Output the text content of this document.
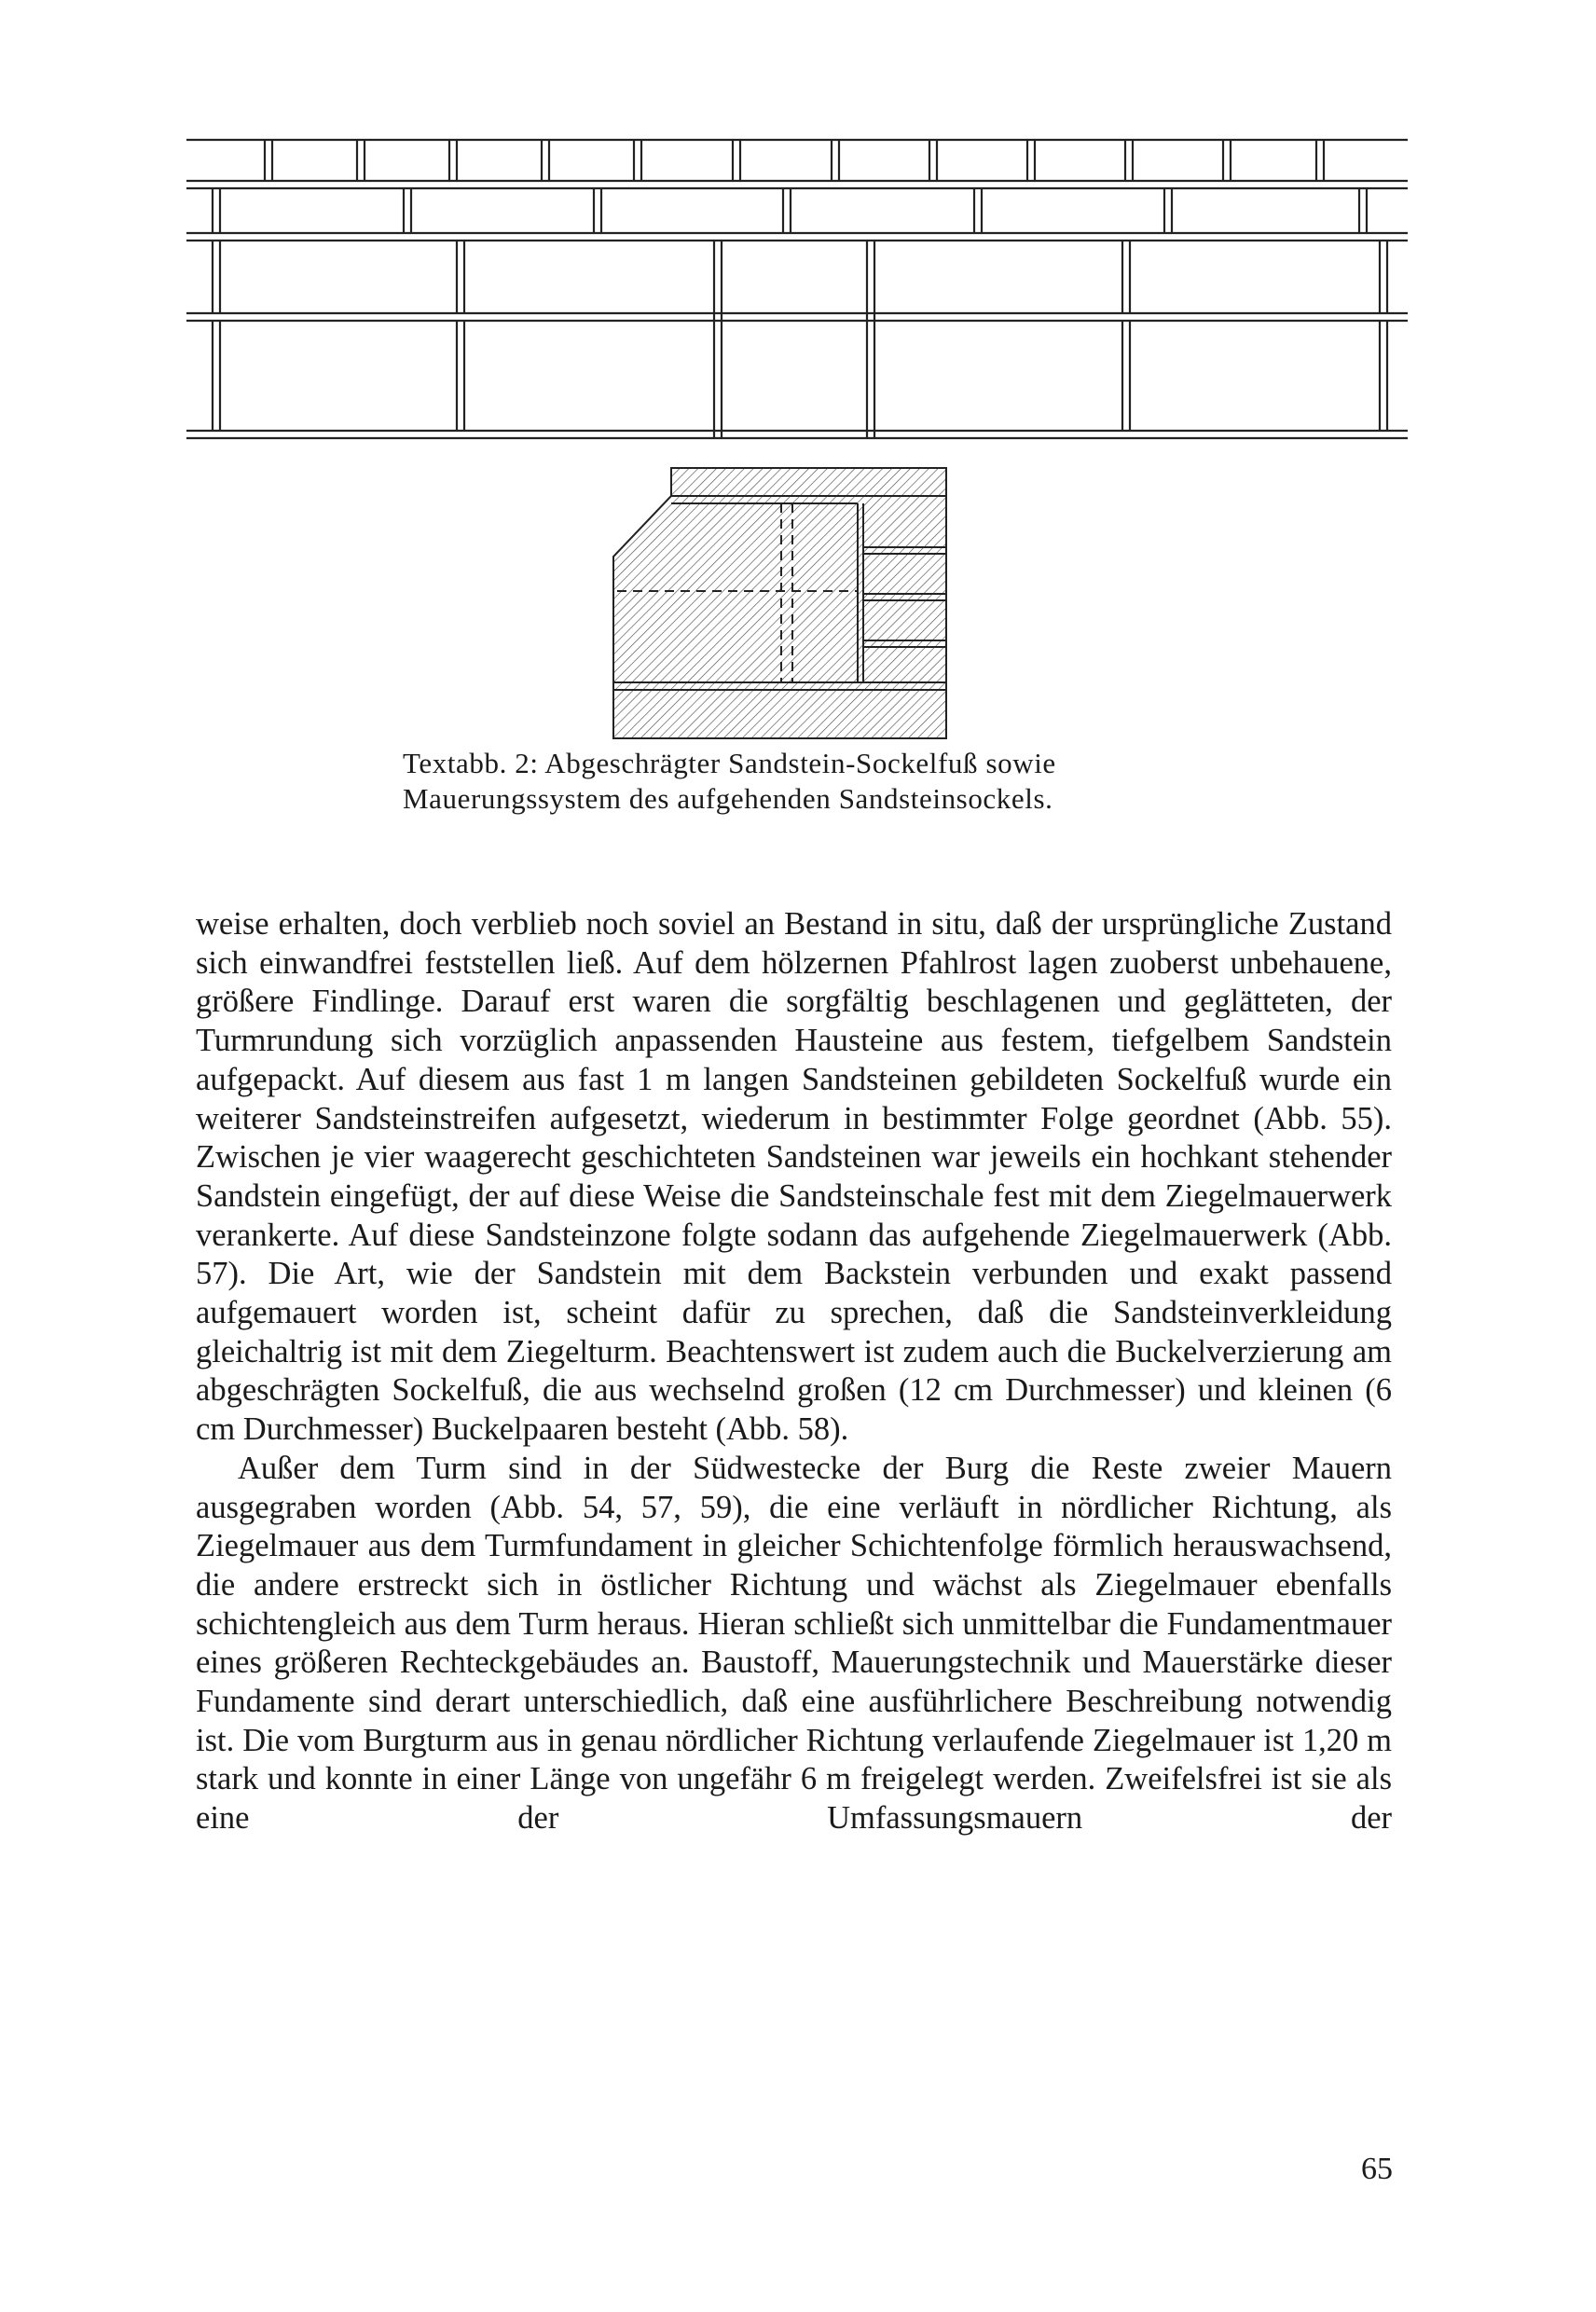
Textabb. 2: Abgeschrägter Sandstein-Sockelfuß sowie
Mauerungssystem des aufgehenden Sandsteinsockels.

weise erhalten, doch verblieb noch soviel an Bestand in situ, daß der ursprüngliche Zustand sich einwandfrei feststellen ließ. Auf dem hölzernen Pfahlrost lagen zuoberst unbehauene, größere Findlinge. Darauf erst waren die sorgfältig beschlagenen und geglätteten, der Turmrundung sich vorzüglich anpassenden Hausteine aus festem, tiefgelbem Sandstein aufgepackt. Auf diesem aus fast 1 m langen Sandsteinen gebildeten Sockelfuß wurde ein weiterer Sandsteinstreifen aufgesetzt, wiederum in bestimmter Folge geordnet (Abb. 55). Zwischen je vier waagerecht geschichteten Sandsteinen war jeweils ein hochkant stehender Sandstein eingefügt, der auf diese Weise die Sandsteinschale fest mit dem Ziegelmauerwerk verankerte. Auf diese Sandsteinzone folgte sodann das aufgehende Ziegelmauerwerk (Abb. 57). Die Art, wie der Sandstein mit dem Backstein verbunden und exakt passend aufgemauert worden ist, scheint dafür zu sprechen, daß die Sandsteinverkleidung gleichaltrig ist mit dem Ziegelturm. Beachtenswert ist zudem auch die Buckelverzierung am abgeschrägten Sockelfuß, die aus wechselnd großen (12 cm Durchmesser) und kleinen (6 cm Durchmesser) Buckelpaaren besteht (Abb. 58).

Außer dem Turm sind in der Südwestecke der Burg die Reste zweier Mauern ausgegraben worden (Abb. 54, 57, 59), die eine verläuft in nördlicher Richtung, als Ziegelmauer aus dem Turmfundament in gleicher Schichtenfolge förmlich herauswachsend, die andere erstreckt sich in östlicher Richtung und wächst als Ziegelmauer ebenfalls schichtengleich aus dem Turm heraus. Hieran schließt sich unmittelbar die Fundamentmauer eines größeren Rechteckgebäudes an. Baustoff, Mauerungstechnik und Mauerstärke dieser Fundamente sind derart unterschiedlich, daß eine ausführlichere Beschreibung notwendig ist. Die vom Burgturm aus in genau nördlicher Richtung verlaufende Ziegelmauer ist 1,20 m stark und konnte in einer Länge von ungefähr 6 m freigelegt werden. Zweifelsfrei ist sie als eine der Umfassungsmauern der

65
